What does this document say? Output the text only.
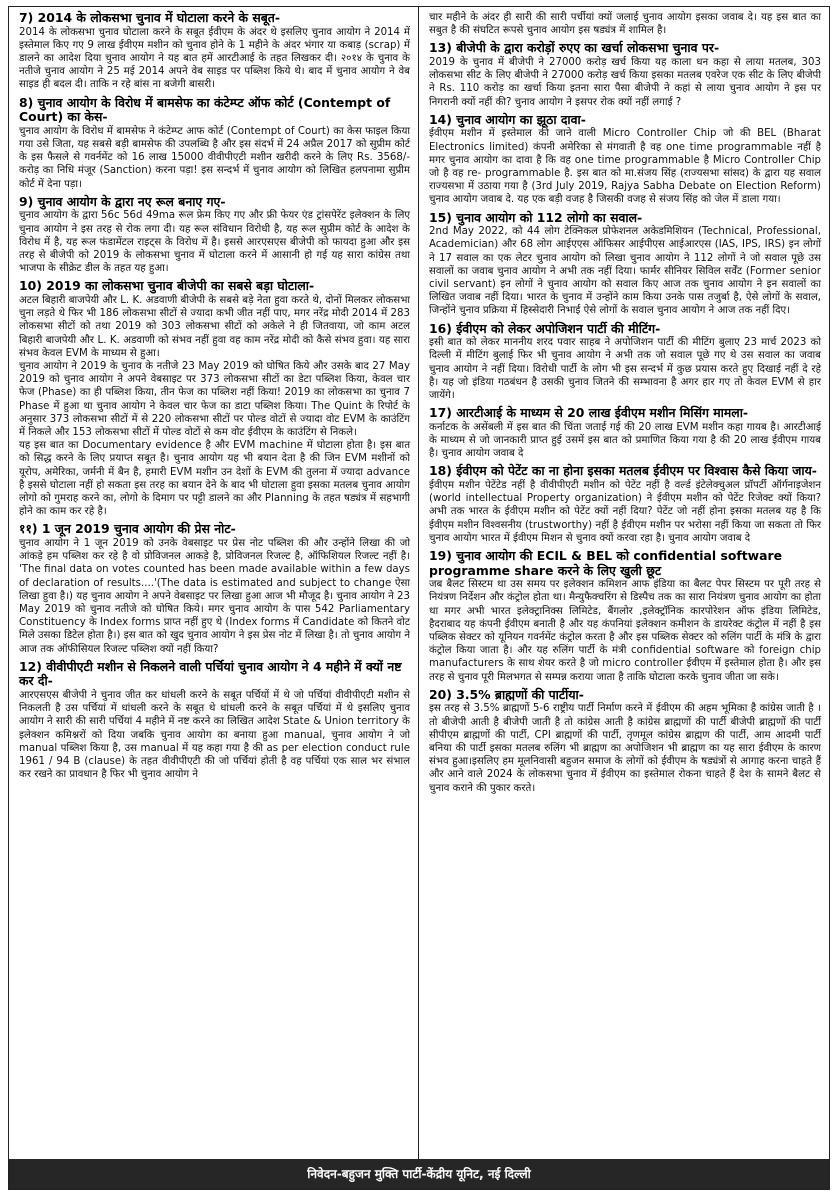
7) 2014 के लोकसभा चुनाव में घोटाला करने के सबूत-

2014 के लोकसभा चुनाव घोटाला करने के सबूत ईवीएम के अंदर थे इसलिए चुनाव आयोग ने 2014 में इस्तेमाल किए गए 9 लाख ईवीएम मशीन को चुनाव होने के 1 महीने के अंदर भंगार या कबाड़ (scrap) में डालने का आदेश दिया चुनाव आयोग ने यह बात हमें आरटीआई के तहत लिखकर दी। २०१४ के चुनाव के नतीजे चुनाव आयोग ने 25 मई 2014 अपने वेब साइड पर पब्लिश किये थे। बाद में चुनाव आयोग ने वेब साइड ही बदल दी। ताकि न रहे बांस ना बजेगी बासरी।

8) चुनाव आयोग के विरोध में बामसेफ का कंटेम्प्ट ऑफ कोर्ट (Contempt of Court) का केस-

चुनाव आयोग के विरोध में बामसेफ ने कंटेम्प्ट आफ कोर्ट (Contempt of Court) का केस फाइल किया गया उसे जिता, यह सबसे बड़ी बामसेफ की उपलब्धि है और इस संदर्भ में 24 अप्रैल 2017 को सुप्रीम कोर्ट के इस फैसले से गवर्नमेंट को 16 लाख 15000 वीवीपीएटी मशीन खरीदी करने के लिए Rs. 3568/- करोड़ का निधि मंजूर (Sanction) करना पड़ा! इस सन्दर्भ में चुनाव आयोग को लिखित हलपनामा सुप्रीम कोर्ट में देना पड़ा।

9) चुनाव आयोग के द्वारा नए रूल बनाए गए-

चुनाव आयोग के द्वारा 56c 56d 49ma रूल फ्रेम किए गए और फ्री फेयर एंड ट्रांसपेरेंट इलेक्शन के लिए चुनाव आयोग ने इस तरह से रोक लगा दी। यह रूल संविधान विरोधी है, यह रूल सुप्रीम कोर्ट के आदेश के विरोध में है, यह रूल फंडामेंटल राइट्स के विरोध में है। इससे आरएसएस बीजेपी को फायदा हुआ और इस तरह से बीजेपी को 2019 के लोकसभा चुनाव में घोटाला करने में आसानी हो गई यह सारा कांग्रेस तथा भाजपा के सीक्रेट डील के तहत यह हुआ।

10) 2019 का लोकसभा चुनाव बीजेपी का सबसे बड़ा घोटाला-

अटल बिहारी बाजपेयी और L. K. अडवाणी बीजेपी के सबसे बड़े नेता हुवा करते थे, दोनों मिलकर लोकसभा चुना लड़ते थे फिर भी 186 लोकसभा सीटों से ज्यादा कभी जीत नहीं पाए, मगर नरेंद्र मोदी 2014 में 283 लोकसभा सीटों को तथा 2019 को 303 लोकसभा सीटों को अकेले ने ही जितवाया, जो काम अटल बिहारी बाजपेयी और L. K. अडवाणी को संभव नहीं हुवा वह काम नरेंद्र मोदी को कैसे संभव हुवा। यह सारा संभव केवल EVM के माध्यम से हुआ।

चुनाव आयोग ने 2019 के चुनाव के नतीजे 23 May 2019 को घोषित किये और उसके बाद 27 May 2019 को चुनाव आयोग ने अपने वेबसाइट पर 373 लोकसभा सीटों का डेटा पब्लिश किया, केवल चार फेज (Phase) का ही पब्लिश किया, तीन फेज का पब्लिश नहीं किया! 2019 का लोकसभा का चुनाव 7 Phase में हुआ था चुनाव आयोग ने केवल चार फेज का डाटा पब्लिश किया। The Quint के रिपोर्ट के अनुसार 373 लोकसभा सीटों में से 220 लोकसभा सीटों पर पोल्ड वोटों से ज्यादा वोट EVM के काउंटिंग में निकले और 153 लोकसभा सीटों में पोल्ड वोटों से कम वोट ईवीएम के काउंटिंग से निकले।

यह इस बात का Documentary evidence है और EVM machine में घोटाला होता है। इस बात को सिद्ध करने के लिए प्रयाप्त सबूत है। चुनाव आयोग यह भी बयान देता है की जिन EVM मशीनों को यूरोप, अमेरिका, जर्मनी में बैन है, हमारी EVM मशीन उन देशों के EVM की तुलना में ज्यादा advance है इससे घोटाला नहीं हो सकता इस तरह का बयान देने के बाद भी घोटाला हुवा इसका मतलब चुनाव आयोग लोगो को गुमराह करने का, लोगो के दिमाग पर पट्टी डालने का और Planning के तहत षड्यंत्र में सहभागी होने का काम कर रहे है।

११) 1 जून 2019 चुनाव आयोग की प्रेस नोट-

चुनाव आयोग ने 1 जून 2019 को उनके वेबसाइट पर प्रेस नोट पब्लिश की और उन्होंने लिखा की जो आंकड़े हम पब्लिश कर रहे है वो प्रोविजनल आकड़े है, प्रोविजनल रिजल्ट है, ऑफिशियल रिजल्ट नहीं है। 'The final data on votes counted has been made available within a few days of declaration of results....'(The data is estimated and subject to change ऐसा लिखा हुवा है।) यह चुनाव आयोग ने अपने वेबसाइट पर लिखा हुआ आज भी मौजूद है। चुनाव आयोग ने 23 May 2019 को चुनाव नतीजे को घोषित किये। मगर चुनाव आयोग के पास 542 Parliamentary Constituency के Index forms प्राप्त नहीं हुए थे (Index forms में Candidate को कितने वोट मिले उसका डिटेल होता है।) इस बात को खुद चुनाव आयोग ने इस प्रेस नोट में लिखा है। तो चुनाव आयोग ने आज तक ऑफीसियल रिजल्ट पब्लिश क्यों नहीं किया?

12) वीवीपीएटी मशीन से निकलने वाली पर्चियां चुनाव आयोग ने 4 महीने में क्यों नष्ट कर दी-

आरएसएस बीजेपी ने चुनाव जीत कर धांधली करने के सबूत पर्चियों में थे जो पर्चियां वीवीपीएटी मशीन से निकलती है उस पर्चियां में धांधली करने के सबूत थे धांधली करने के सबूत पर्चियां में थे इसलिए चुनाव आयोग ने सारी की सारी पर्चियां 4 महीने में नष्ट करने का लिखित आदेश State & Union territory के इलेक्शन कमिश्नरों को दिया जबकि चुनाव आयोग का बनाया हुआ manual, चुनाव आयोग ने जो manual पब्लिश किया है, उस manual में यह कहा गया है की as per election conduct rule 1961 / 94 B (clause) के तहत वीवीपीएटी की जो पर्चियां होती है वह पर्चियां एक साल भर संभाल कर रखने का प्रावधान है फिर भी चुनाव आयोग ने

चार महीने के अंदर ही सारी की सारी पर्चीयां क्यों जलाई चुनाव आयोग इसका जवाब दे। यह इस बात का सबुत है की संघटित रूपसे चुनाव आयोग इस षड्यंत्र में शामिल है।

13) बीजेपी के द्वारा करोड़ों रुएए का खर्चा लोकसभा चुनाव पर-

2019 के चुनाव में बीजेपी ने 27000 करोड़ खर्च किया यह काला धन कहा से लाया मतलब, 303 लोकसभा सीट के लिए बीजेपी ने 27000 करोड़ खर्च किया इसका मतलब एवरेज एक सीट के लिए बीजेपी ने Rs. 110 करोड़ का खर्चा किया इतना सारा पैसा बीजेपी ने कहां से लाया चुनाव आयोग ने इस पर निगरानी क्यों नहीं की? चुनाव आयोग ने इसपर रोक क्यों नहीं लगाई ?

14) चुनाव आयोग का झूठा दावा-

ईवीएम मशीन में इस्तेमाल की जाने वाली Micro Controller Chip जो की BEL (Bharat Electronics limited) कंपनी अमेरिका से मंगवाती है वह one time programmable नहीं है मगर चुनाव आयोग का दावा है कि वह one time programmable है Micro Controller Chip जो है वह re- programmable है. इस बात को मा.संजय सिंह (राज्यसभा सांसद) के द्वारा यह सवाल राज्यसभा में उठाया गया है (3rd July 2019, Rajya Sabha Debate on Election Reform) चुनाव आयोग जवाब दे. यह एक बड़ी वजह है जिसकी वजह से संजय सिंह को जेल में डाला गया।

15) चुनाव आयोग को 112 लोगो का सवाल-

2nd May 2022, को 44 लोग टेक्निकल प्रोफेशनल अकेडमिशियन (Technical, Professional, Academician) और 68 लोग आईएएस ऑफिसर आईपीएस आईआरएस (IAS, IPS, IRS) इन लोगों ने 17 सवाल का एक लेटर चुनाव आयोग को लिखा चुनाव आयोग ने 112 लोगों ने जो सवाल पूछे उस सवालों का जवाब चुनाव आयोग ने अभी तक नहीं दिया। फार्मर सीनियर सिविल सर्वेंट (Former senior civil servant) इन लोगों ने चुनाव आयोग को सवाल किए आज तक चुनाव आयोग ने इन सवालों का लिखित जवाब नहीं दिया। भारत के चुनाव में उन्होंने काम किया उनके पास तजुर्बा है, ऐसे लोगों के सवाल, जिन्होंने चुनाव प्रक्रिया में हिस्सेदारी निभाई ऐसे लोगों के सवाल चुनाव आयोग ने आज तक नहीं दिए।

16) ईवीएम को लेकर अपोजिशन पार्टी की मीटिंग-

इसी बात को लेकर माननीय शरद पवार साहब ने अपोजिशन पार्टी की मीटिंग बुलाए 23 मार्च 2023 को दिल्ली में मीटिंग बुलाई फिर भी चुनाव आयोग ने अभी तक जो सवाल पूछे गए थे उस सवाल का जवाब चुनाव आयोग ने नहीं दिया। विरोधी पार्टी के लोग भी इस सन्दर्भ में कुछ प्रयास करते हुए दिखाई नहीं दे रहे है। यह जो इंडिया गठबंधन है उसकी चुनाव जितने की सम्भावना है अगर हार गए तो केवल EVM से हार जायेंगे।

17) आरटीआई के माध्यम से 20 लाख ईवीएम मशीन मिसिंग मामला-

कर्नाटक के असेंबली में इस बात की चिंता जताई गई की 20 लाख EVM मशीन कहा गायब है। आरटीआई के माध्यम से जो जानकारी प्राप्त हुई उसमें इस बात को प्रमाणित किया गया है की 20 लाख ईवीएम गायब है। चुनाव आयोग जवाब दे

18) ईवीएम को पेटेंट का ना होना इसका मतलब ईवीएम पर विश्वास कैसे किया जाय-

ईवीएम मशीन पेटेंटेड नहीं है वीवीपीएटी मशीन को पेटेंट नहीं है वर्ल्ड इंटेलेक्चुअल प्रॉपर्टी ऑर्गनाइजेशन (world intellectual Property organization) ने ईवीएम मशीन को पेटेंट रिजेक्ट क्यों किया? अभी तक भारत के ईवीएम मशीन को पेटेंट क्यों नहीं दिया? पेटेंट जो नहीं होना इसका मतलब यह है कि ईवीएम मशीन विश्वसनीय (trustworthy) नहीं है ईवीएम मशीन पर भरोसा नहीं किया जा सकता तो फिर चुनाव आयोग भारत में ईवीएम मिशन से चुनाव क्यों करवा रहा है। चुनाव आयोग जवाब दे

19) चुनाव आयोग की ECIL & BEL को confidential software programme share करने के लिए खुली छूट

जब बैलट सिस्टम था उस समय पर इलेक्शन कमिशन आफ इंडिया का बैलट पेपर सिस्टम पर पूरी तरह से नियंत्रण निर्देशन और कंट्रोल होता था। मैन्युफैक्चरिंग से डिस्पैच तक का सारा नियंत्रण चुनाव आयोग का होता था मगर अभी भारत इलेक्ट्रानिक्स लिमिटेड, बैंगलोर ,इलेक्ट्रॉनिक कारपोरेशन ऑफ इंडिया लिमिटेड, हैदराबाद यह कंपनी ईवीएम बनाती है और यह कंपनियां इलेक्शन कमीशन के डायरेक्ट कंट्रोल में नहीं है इस पब्लिक सेक्टर को यूनियन गवर्नमेंट कंट्रोल करता है और इस पब्लिक सेक्टर को रुलिंग पार्टी के मंत्रि के द्वारा कंट्रोल किया जाता है। और यह रुलिंग पार्टी के मंत्री confidential software को foreign chip manufacturers के साथ शेयर करते है जो micro controller ईवीएम में इस्तेमाल होता है। और इस तरह से चुनाव पूरी मिलभगत से सम्पन्न कराया जाता है ताकि घोटाला करके चुनाव जीता जा सके।

20) 3.5% ब्राह्मणों की पार्टीया-

इस तरह से 3.5% ब्राह्मणों 5-6 राष्ट्रीय पार्टी निर्माण करने में ईवीएम की अहम भूमिका है कांग्रेस जाती है । तो बीजेपी आती है बीजेपी जाती है तो कांग्रेस आती है कांग्रेस ब्राह्मणों की पार्टी बीजेपी ब्राह्मणों की पार्टी सीपीएम ब्राह्मणों की पार्टी, CPI ब्राह्मणों की पार्टी, तृणमूल कांग्रेस ब्राह्मण की पार्टी, आम आदमी पार्टी बनिया की पार्टी इसका मतलब रुलिंग भी ब्राह्मण का अपोजिशन भी ब्राह्मण का यह सारा ईवीएम के कारण संभव हुआ।इसलिए हम मूलनिवासी बहुजन समाज के लोगों को ईवीएम के षड्यंत्रों से आगाह करना चाहते हैं और आने वाले 2024 के लोकसभा चुनाव में ईवीएम का इस्तेमाल रोकना चाहते हैं देश के सामने बैलट से चुनाव कराने की पुकार करते।

निवेदन-बहुजन मुक्ति पार्टी-केंद्रीय यूनिट, नई दिल्ली
